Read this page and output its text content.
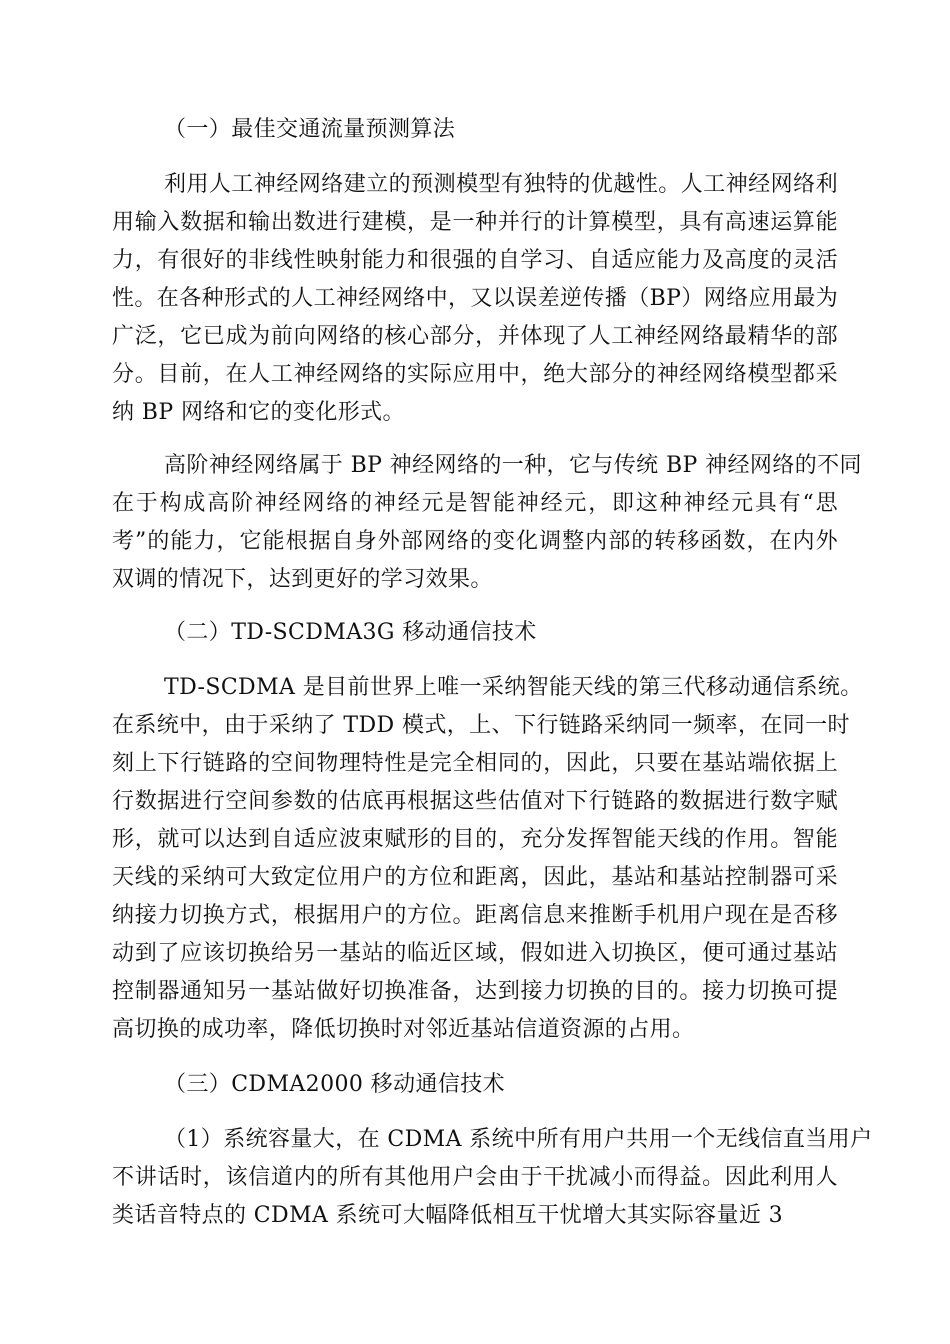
（一）最佳交通流量预测算法
利用人工神经网络建立的预测模型有独特的优越性。人工神经网络利
用输入数据和输出数进行建模，是一种并行的计算模型，具有高速运算能
力，有很好的非线性映射能力和很强的自学习、自适应能力及高度的灵活
性。在各种形式的人工神经网络中，又以误差逆传播（BP）网络应用最为
广泛，它已成为前向网络的核心部分，并体现了人工神经网络最精华的部
分。目前，在人工神经网络的实际应用中，绝大部分的神经网络模型都采
纳 BP 网络和它的变化形式。
高阶神经网络属于 BP 神经网络的一种，它与传统 BP 神经网络的不同
在于构成高阶神经网络的神经元是智能神经元，即这种神经元具有“思
考”的能力，它能根据自身外部网络的变化调整内部的转移函数，在内外
双调的情况下，达到更好的学习效果。
（二）TD-SCDMA3G 移动通信技术
TD-SCDMA 是目前世界上唯一采纳智能天线的第三代移动通信系统。
在系统中，由于采纳了 TDD 模式，上、下行链路采纳同一频率，在同一时
刻上下行链路的空间物理特性是完全相同的，因此，只要在基站端依据上
行数据进行空间参数的估底再根据这些估值对下行链路的数据进行数字赋
形，就可以达到自适应波束赋形的目的，充分发挥智能天线的作用。智能
天线的采纳可大致定位用户的方位和距离，因此，基站和基站控制器可采
纳接力切换方式，根据用户的方位。距离信息来推断手机用户现在是否移
动到了应该切换给另一基站的临近区域，假如进入切换区，便可通过基站
控制器通知另一基站做好切换准备，达到接力切换的目的。接力切换可提
高切换的成功率，降低切换时对邻近基站信道资源的占用。
（三）CDMA2000 移动通信技术
（1）系统容量大，在 CDMA 系统中所有用户共用一个无线信直当用户
不讲话时，该信道内的所有其他用户会由于干扰减小而得益。因此利用人
类话音特点的 CDMA 系统可大幅降低相互干忧增大其实际容量近 3
